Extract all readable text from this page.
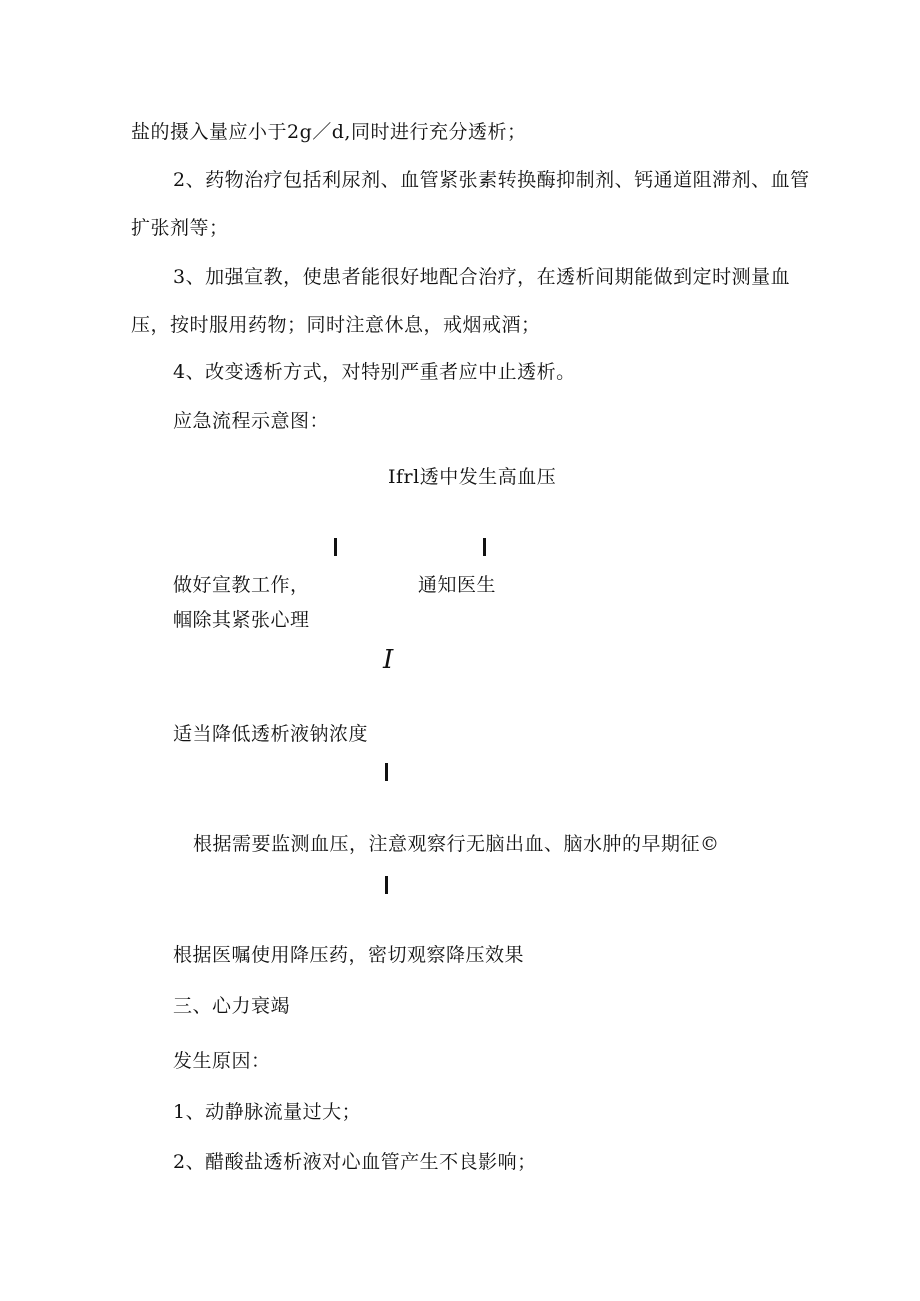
盐的摄入量应小于2g／d,同时进行充分透析；
2、药物治疗包括利尿剂、血管紧张素转换酶抑制剂、钙通道阻滞剂、血管
扩张剂等；
3、加强宣教，使患者能很好地配合治疗，在透析间期能做到定时测量血
压，按时服用药物；同时注意休息，戒烟戒酒；
4、改变透析方式，对特别严重者应中止透析。
应急流程示意图：
Ifrl透中发生高血压
做好宣教工作，	通知医生
帼除其紧张心理
I
适当降低透析液钠浓度
根据需要监测血压，注意观察行无脑出血、脑水肿的早期征©
根据医嘱使用降压药，密切观察降压效果
三、心力衰竭
发生原因：
1、动静脉流量过大；
2、醋酸盐透析液对心血管产生不良影响；
